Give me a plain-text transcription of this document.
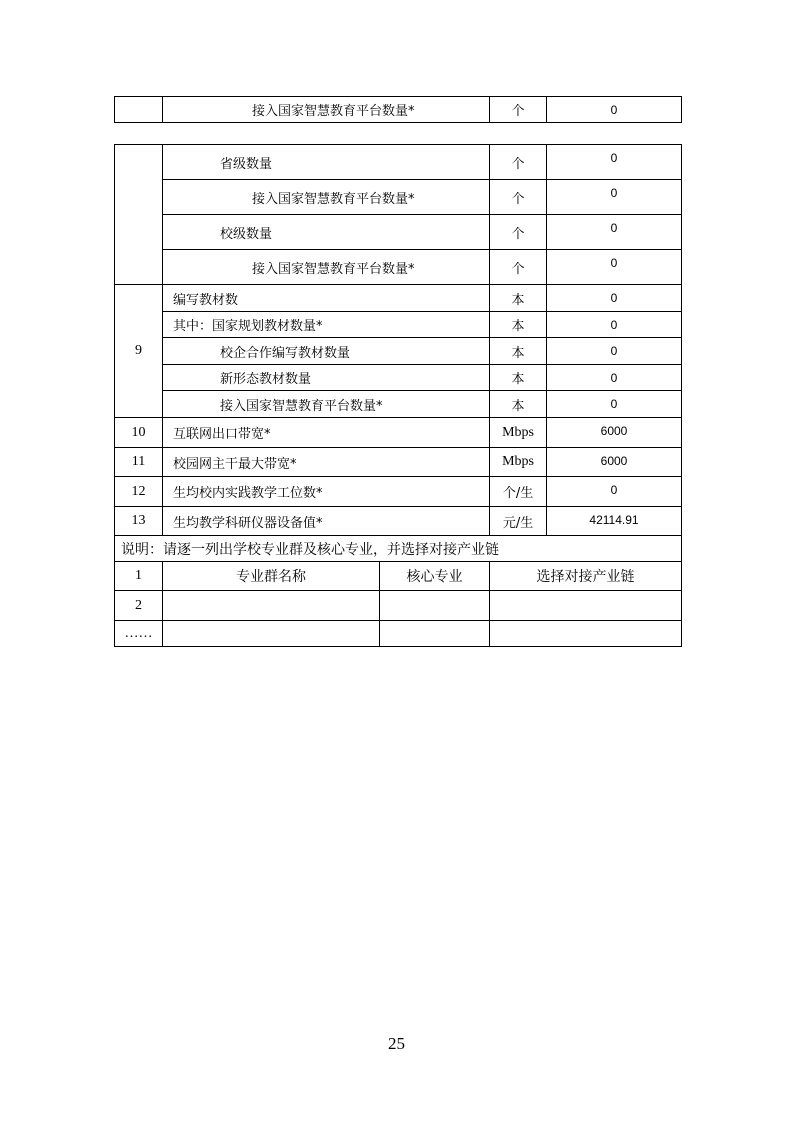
	接入国家智慧教育平台数量*	个	0
	省级数量		个	0
	接入国家智慧教育平台数量*		个	0
	校级数量		个	0
	接入国家智慧教育平台数量*		个	0
9	编写教材数		本	0
	其中：国家规划教材数量*		本	0
	校企合作编写教材数量		本	0
	新形态教材数量		本	0
	接入国家智慧教育平台数量*		本	0
10	互联网出口带宽*		Mbps	6000
11	校园网主干最大带宽*		Mbps	6000
12	生均校内实践教学工位数*		个/生	0
13	生均教学科研仪器设备值*		元/生	42114.91
说明：请逐一列出学校专业群及核心专业，并选择对接产业链				
1	专业群名称	核心专业	选择对接产业链	
2				
……				
25
